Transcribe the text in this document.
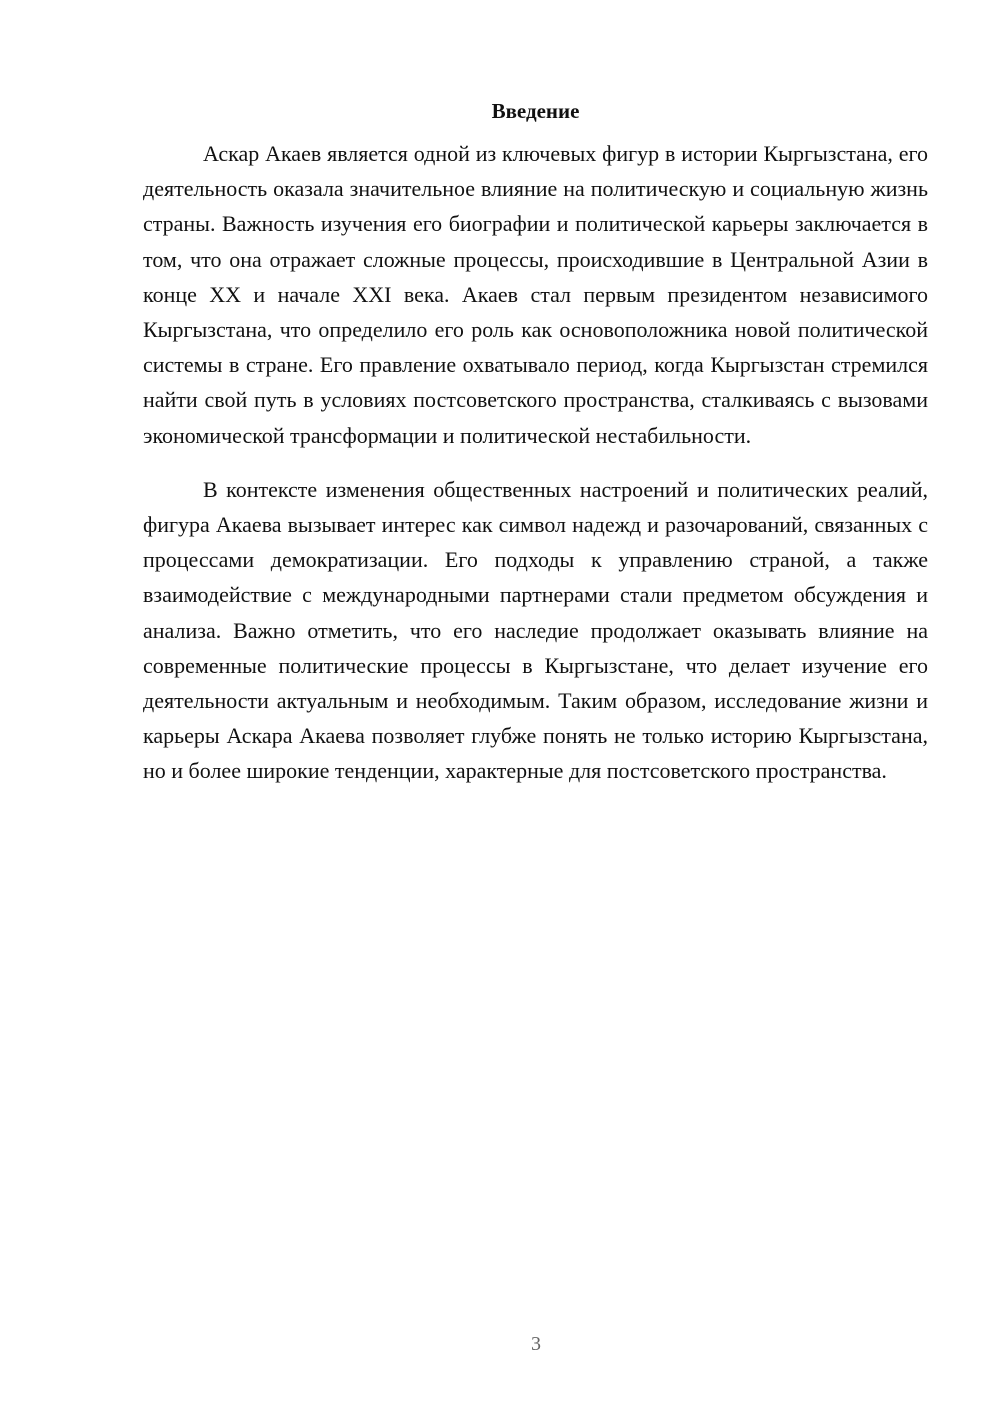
Введение

Аскар Акаев является одной из ключевых фигур в истории Кыргызстана, его деятельность оказала значительное влияние на политическую и социальную жизнь страны. Важность изучения его биографии и политической карьеры заключается в том, что она отражает сложные процессы, происходившие в Центральной Азии в конце XX и начале XXI века. Акаев стал первым президентом независимого Кыргызстана, что определило его роль как основоположника новой политической системы в стране. Его правление охватывало период, когда Кыргызстан стремился найти свой путь в условиях постсоветского пространства, сталкиваясь с вызовами экономической трансформации и политической нестабильности.

В контексте изменения общественных настроений и политических реалий, фигура Акаева вызывает интерес как символ надежд и разочарований, связанных с процессами демократизации. Его подходы к управлению страной, а также взаимодействие с международными партнерами стали предметом обсуждения и анализа. Важно отметить, что его наследие продолжает оказывать влияние на современные политические процессы в Кыргызстане, что делает изучение его деятельности актуальным и необходимым. Таким образом, исследование жизни и карьеры Аскара Акаева позволяет глубже понять не только историю Кыргызстана, но и более широкие тенденции, характерные для постсоветского пространства.

3
